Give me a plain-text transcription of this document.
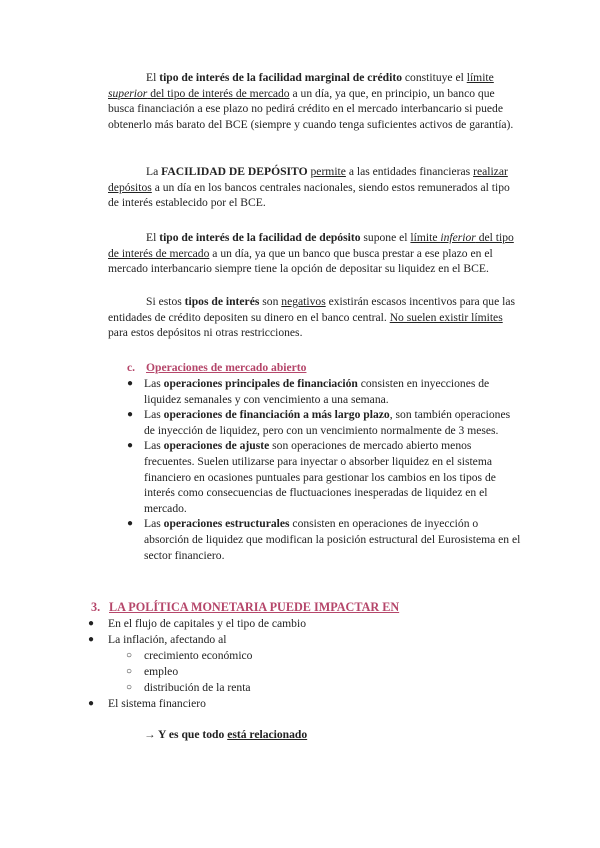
El tipo de interés de la facilidad marginal de crédito constituye el límite superior del tipo de interés de mercado a un día, ya que, en principio, un banco que busca financiación a ese plazo no pedirá crédito en el mercado interbancario si puede obtenerlo más barato del BCE (siempre y cuando tenga suficientes activos de garantía).

La FACILIDAD DE DEPÓSITO permite a las entidades financieras realizar depósitos a un día en los bancos centrales nacionales, siendo estos remunerados al tipo de interés establecido por el BCE.

El tipo de interés de la facilidad de depósito supone el límite inferior del tipo de interés de mercado a un día, ya que un banco que busca prestar a ese plazo en el mercado interbancario siempre tiene la opción de depositar su liquidez en el BCE.

Si estos tipos de interés son negativos existirán escasos incentivos para que las entidades de crédito depositen su dinero en el banco central. No suelen existir límites para estos depósitos ni otras restricciones.

c. Operaciones de mercado abierto

● Las operaciones principales de financiación consisten en inyecciones de liquidez semanales y con vencimiento a una semana.
● Las operaciones de financiación a más largo plazo, son también operaciones de inyección de liquidez, pero con un vencimiento normalmente de 3 meses.
● Las operaciones de ajuste son operaciones de mercado abierto menos frecuentes. Suelen utilizarse para inyectar o absorber liquidez en el sistema financiero en ocasiones puntuales para gestionar los cambios en los tipos de interés como consecuencias de fluctuaciones inesperadas de liquidez en el mercado.
● Las operaciones estructurales consisten en operaciones de inyección o absorción de liquidez que modifican la posición estructural del Eurosistema en el sector financiero.

3. LA POLÍTICA MONETARIA PUEDE IMPACTAR EN

● En el flujo de capitales y el tipo de cambio

● La inflación, afectando al

○ crecimiento económico

○ empleo

○ distribución de la renta

● El sistema financiero

→ Y es que todo está relacionado
